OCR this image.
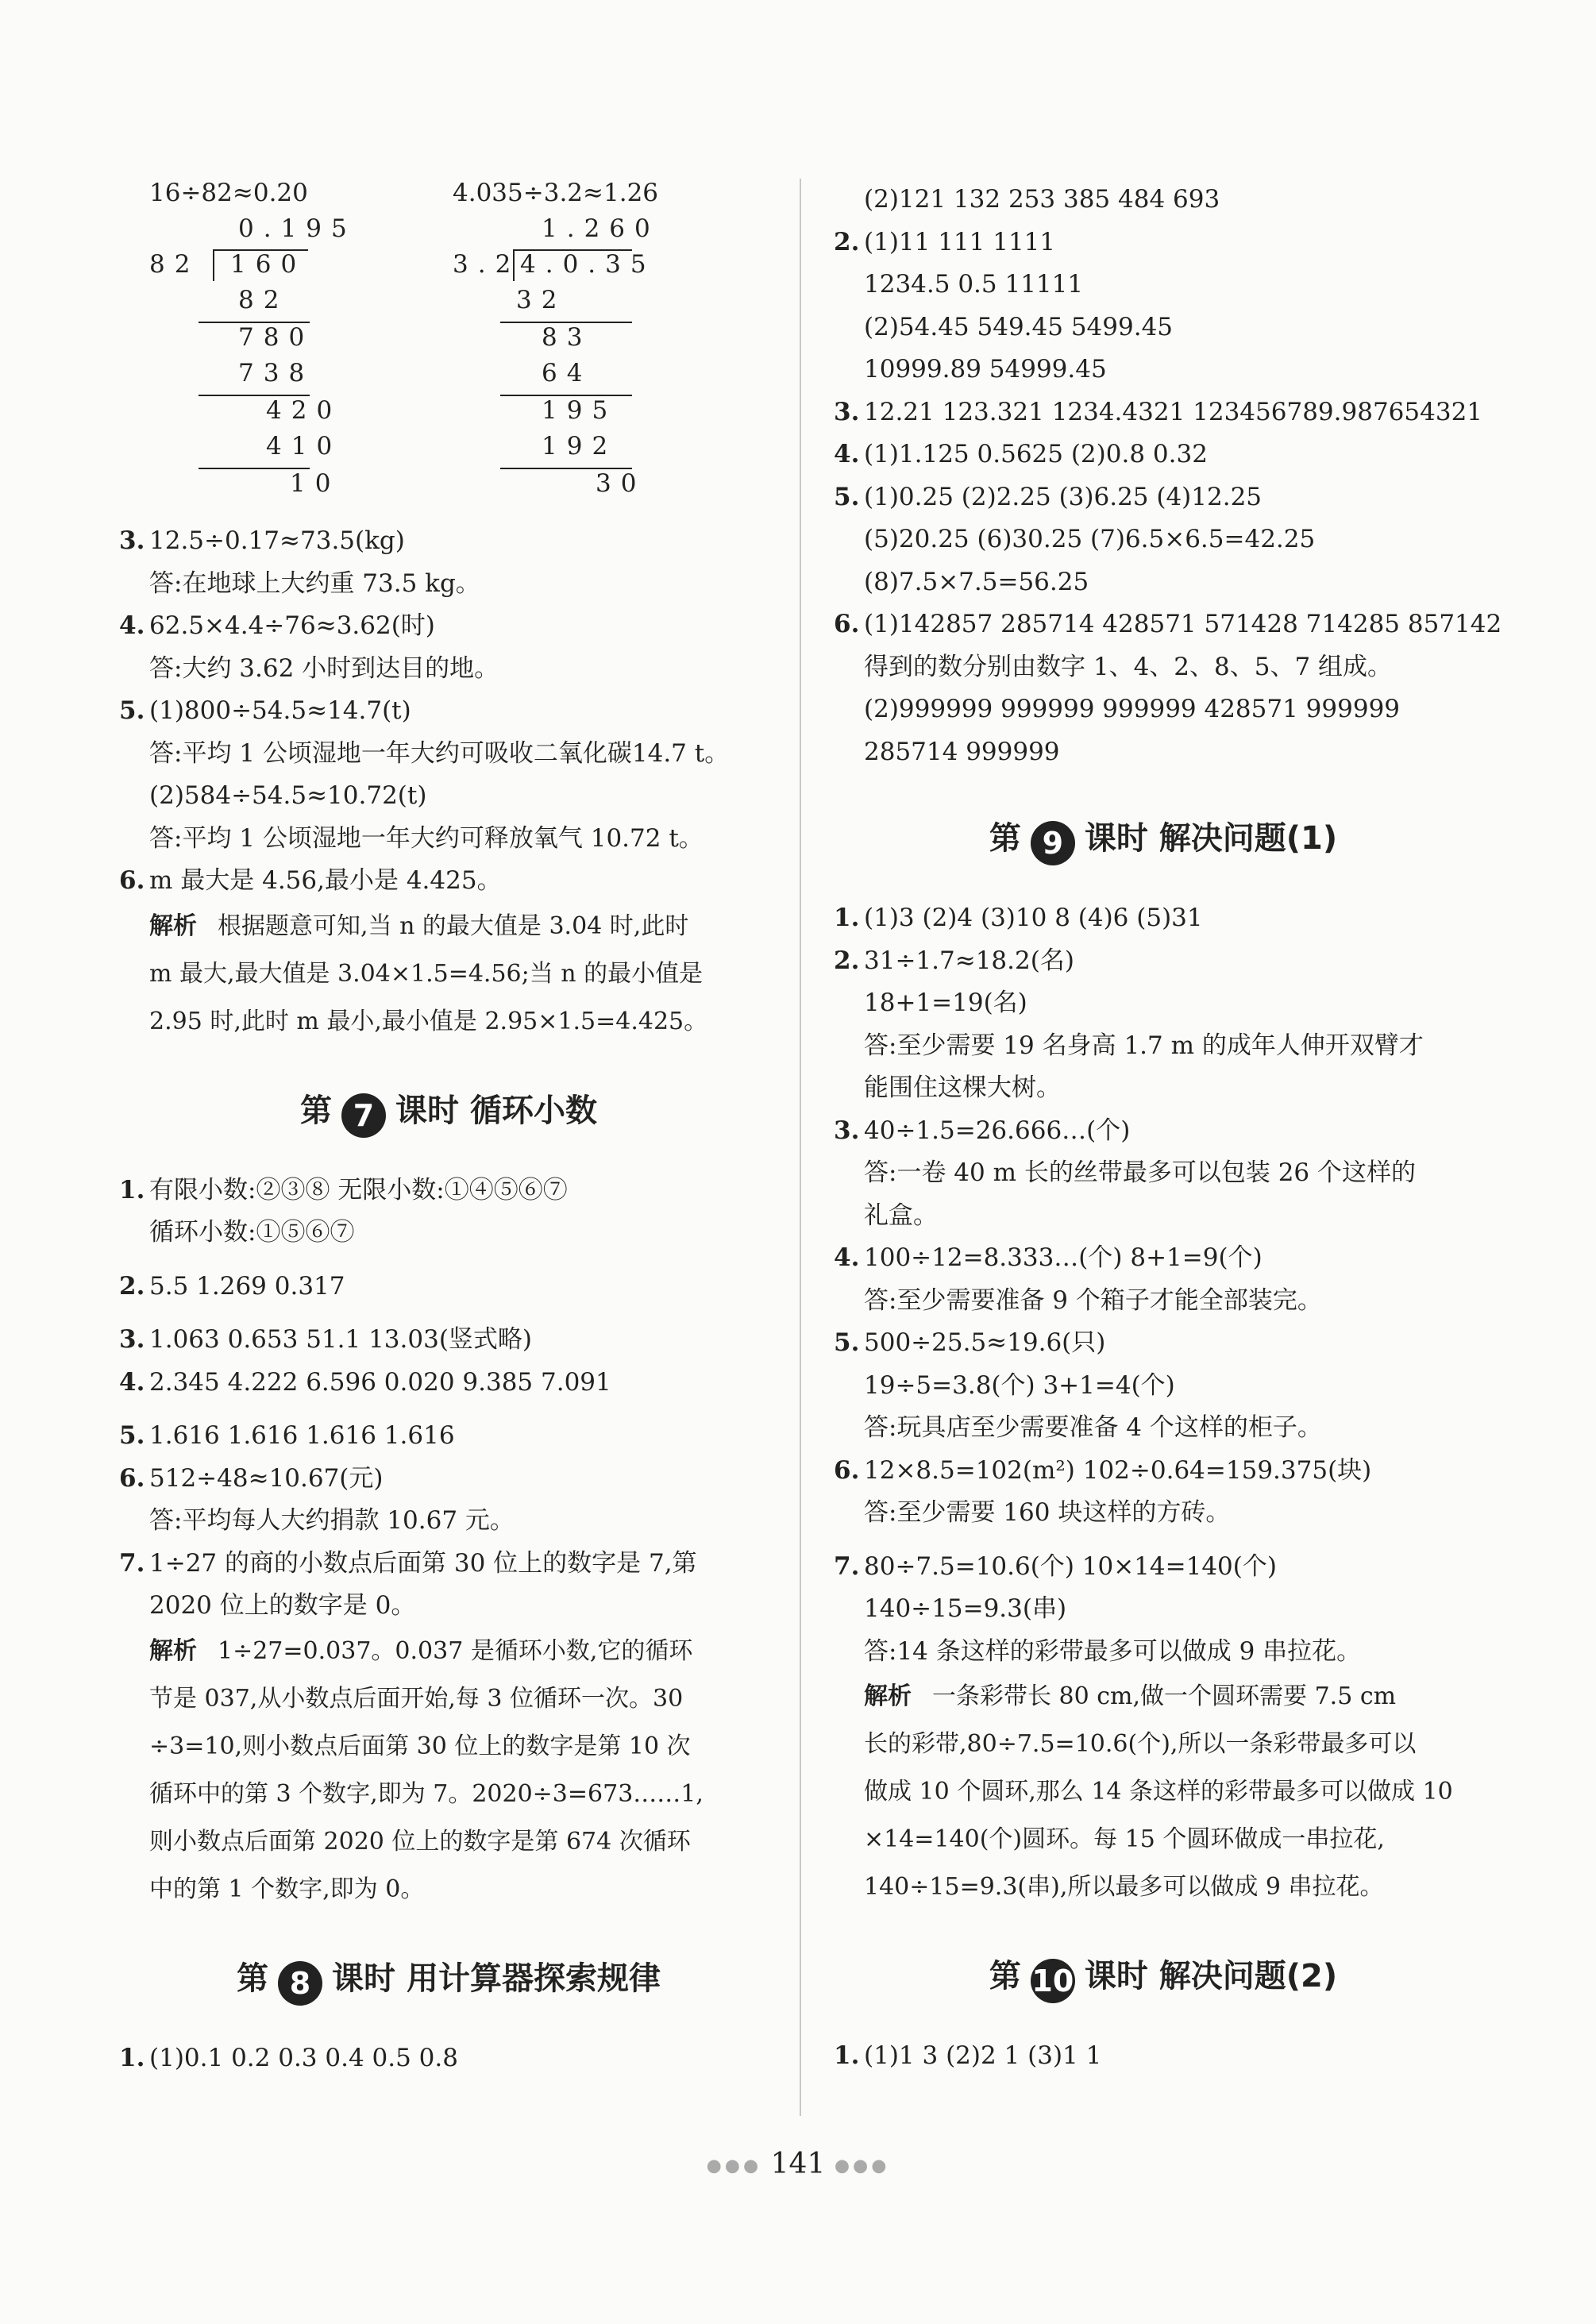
16÷82≈0.20	4.035÷3.2≈1.26
0.195
82 160
82
780
738
420
410
10
1.260
3.2 4.0.35
32
83
64
195
192
30
3. 12.5÷0.17≈73.5(kg)
答:在地球上大约重 73.5 kg。
4. 62.5×4.4÷76≈3.62(时)
答:大约 3.62 小时到达目的地。
5. (1)800÷54.5≈14.7(t)
答:平均 1 公顷湿地一年大约可吸收二氧化碳14.7 t。
(2)584÷54.5≈10.72(t)
答:平均 1 公顷湿地一年大约可释放氧气 10.72 t。
6. m 最大是 4.56,最小是 4.425。
解析 根据题意可知,当 n 的最大值是 3.04 时,此时
m 最大,最大值是 3.04×1.5=4.56;当 n 的最小值是
2.95 时,此时 m 最小,最小值是 2.95×1.5=4.425。
第 7 课时 循环小数
1. 有限小数:②③⑧ 无限小数:①④⑤⑥⑦
循环小数:①⑤⑥⑦
2. 5.5 1.269 0.317
3. 1.063 0.653 51.1 13.03(竖式略)
4. 2.345 4.222 6.596 0.020 9.385 7.091
5. 1.616 1.616 1.616 1.616
6. 512÷48≈10.67(元)
答:平均每人大约捐款 10.67 元。
7. 1÷27 的商的小数点后面第 30 位上的数字是 7,第
2020 位上的数字是 0。
解析 1÷27=0.037。0.037 是循环小数,它的循环
节是 037,从小数点后面开始,每 3 位循环一次。30
÷3=10,则小数点后面第 30 位上的数字是第 10 次
循环中的第 3 个数字,即为 7。2020÷3=673……1,
则小数点后面第 2020 位上的数字是第 674 次循环
中的第 1 个数字,即为 0。
第 8 课时 用计算器探索规律
1. (1)0.1 0.2 0.3 0.4 0.5 0.8
(2)121 132 253 385 484 693
2. (1)11 111 1111
1234.5 0.5 11111
(2)54.45 549.45 5499.45
10999.89 54999.45
3. 12.21 123.321 1234.4321 123456789.987654321
4. (1)1.125 0.5625 (2)0.8 0.32
5. (1)0.25 (2)2.25 (3)6.25 (4)12.25
(5)20.25 (6)30.25 (7)6.5×6.5=42.25
(8)7.5×7.5=56.25
6. (1)142857 285714 428571 571428 714285 857142
得到的数分别由数字 1、4、2、8、5、7 组成。
(2)999999 999999 999999 428571 999999
285714 999999
第 9 课时 解决问题(1)
1. (1)3 (2)4 (3)10 8 (4)6 (5)31
2. 31÷1.7≈18.2(名)
18+1=19(名)
答:至少需要 19 名身高 1.7 m 的成年人伸开双臂才
能围住这棵大树。
3. 40÷1.5=26.666…(个)
答:一卷 40 m 长的丝带最多可以包装 26 个这样的
礼盒。
4. 100÷12=8.333…(个) 8+1=9(个)
答:至少需要准备 9 个箱子才能全部装完。
5. 500÷25.5≈19.6(只)
19÷5=3.8(个) 3+1=4(个)
答:玩具店至少需要准备 4 个这样的柜子。
6. 12×8.5=102(m²) 102÷0.64=159.375(块)
答:至少需要 160 块这样的方砖。
7. 80÷7.5=10.6(个) 10×14=140(个)
140÷15=9.3(串)
答:14 条这样的彩带最多可以做成 9 串拉花。
解析 一条彩带长 80 cm,做一个圆环需要 7.5 cm
长的彩带,80÷7.5=10.6(个),所以一条彩带最多可以
做成 10 个圆环,那么 14 条这样的彩带最多可以做成 10
×14=140(个)圆环。每 15 个圆环做成一串拉花,
140÷15=9.3(串),所以最多可以做成 9 串拉花。
第 10 课时 解决问题(2)
1. (1)1 3 (2)2 1 (3)1 1
●●● 141 ●●●
